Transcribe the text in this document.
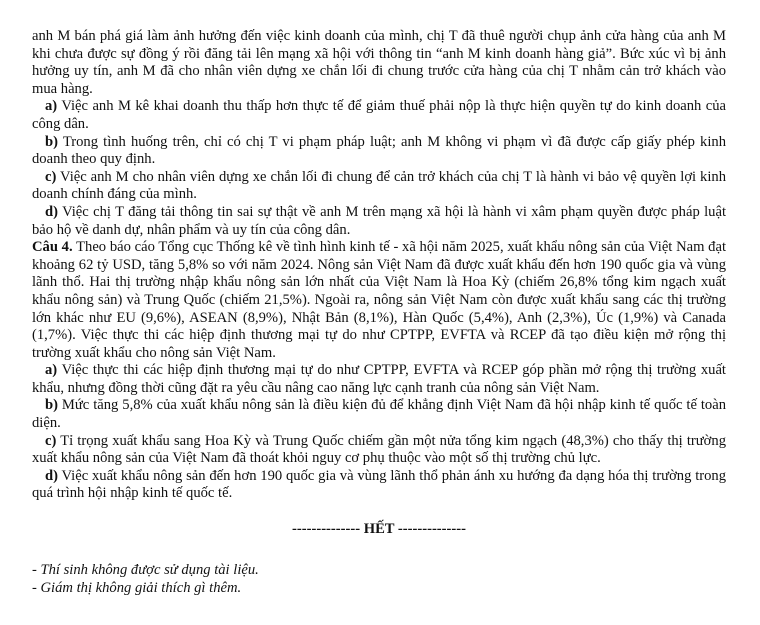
anh M bán phá giá làm ảnh hưởng đến việc kinh doanh của mình, chị T đã thuê người chụp ảnh cửa hàng của anh M khi chưa được sự đồng ý rồi đăng tải lên mạng xã hội với thông tin “anh M kinh doanh hàng giả”. Bức xúc vì bị ảnh hưởng uy tín, anh M đã cho nhân viên dựng xe chắn lối đi chung trước cửa hàng của chị T nhằm cản trở khách vào mua hàng.

a) Việc anh M kê khai doanh thu thấp hơn thực tế để giảm thuế phải nộp là thực hiện quyền tự do kinh doanh của công dân.

b) Trong tình huống trên, chỉ có chị T vi phạm pháp luật; anh M không vi phạm vì đã được cấp giấy phép kinh doanh theo quy định.

c) Việc anh M cho nhân viên dựng xe chắn lối đi chung để cản trở khách của chị T là hành vi bảo vệ quyền lợi kinh doanh chính đáng của mình.

d) Việc chị T đăng tải thông tin sai sự thật về anh M trên mạng xã hội là hành vi xâm phạm quyền được pháp luật bảo hộ về danh dự, nhân phẩm và uy tín của công dân.

Câu 4. Theo báo cáo Tổng cục Thống kê về tình hình kinh tế - xã hội năm 2025, xuất khẩu nông sản của Việt Nam đạt khoảng 62 tỷ USD, tăng 5,8% so với năm 2024. Nông sản Việt Nam đã được xuất khẩu đến hơn 190 quốc gia và vùng lãnh thổ. Hai thị trường nhập khẩu nông sản lớn nhất của Việt Nam là Hoa Kỳ (chiếm 26,8% tổng kim ngạch xuất khẩu nông sản) và Trung Quốc (chiếm 21,5%). Ngoài ra, nông sản Việt Nam còn được xuất khẩu sang các thị trường lớn khác như EU (9,6%), ASEAN (8,9%), Nhật Bản (8,1%), Hàn Quốc (5,4%), Anh (2,3%), Úc (1,9%) và Canada (1,7%). Việc thực thi các hiệp định thương mại tự do như CPTPP, EVFTA và RCEP đã tạo điều kiện mở rộng thị trường xuất khẩu cho nông sản Việt Nam.

a) Việc thực thi các hiệp định thương mại tự do như CPTPP, EVFTA và RCEP góp phần mở rộng thị trường xuất khẩu, nhưng đồng thời cũng đặt ra yêu cầu nâng cao năng lực cạnh tranh của nông sản Việt Nam.

b) Mức tăng 5,8% của xuất khẩu nông sản là điều kiện đủ để khẳng định Việt Nam đã hội nhập kinh tế quốc tế toàn diện.

c) Tỉ trọng xuất khẩu sang Hoa Kỳ và Trung Quốc chiếm gần một nửa tổng kim ngạch (48,3%) cho thấy thị trường xuất khẩu nông sản của Việt Nam đã thoát khỏi nguy cơ phụ thuộc vào một số thị trường chủ lực.

d) Việc xuất khẩu nông sản đến hơn 190 quốc gia và vùng lãnh thổ phản ánh xu hướng đa dạng hóa thị trường trong quá trình hội nhập kinh tế quốc tế.

-------------- HẾT --------------

- Thí sinh không được sử dụng tài liệu.

- Giám thị không giải thích gì thêm.
